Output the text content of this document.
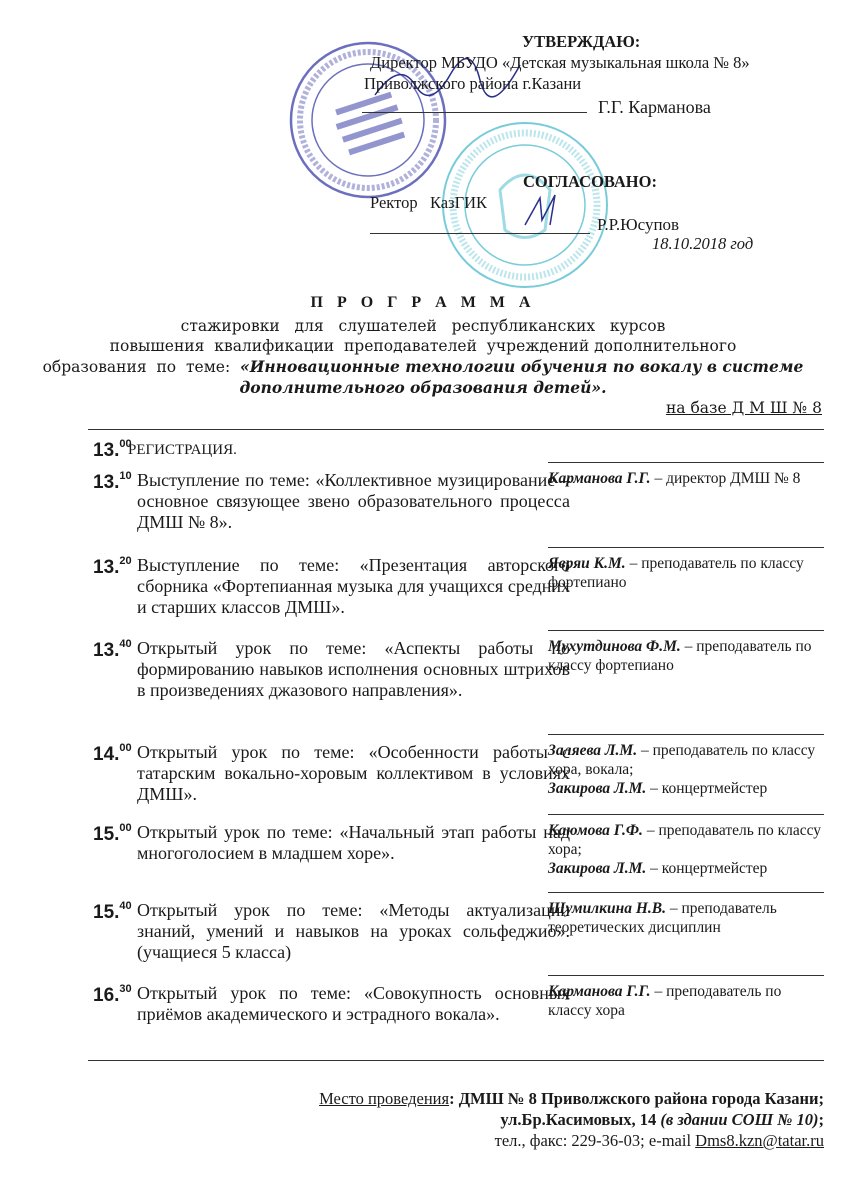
УТВЕРЖДАЮ:
Директор МБУДО «Детская музыкальная школа № 8»
Приволжского района г.Казани
Г.Г. Карманова
СОГЛАСОВАНО:
Ректор   КазГИК
Р.Р.Юсупов
18.10.2018 год
П Р О Г Р А М М А
стажировки   для   слушателей   республиканских   курсов
повышения  квалификации  преподавателей  учреждений дополнительного
образования  по  теме: «Инновационные технологии обучения по вокалу в системе
дополнительного образования детей».
на базе Д М Ш № 8
13.00
РЕГИСТРАЦИЯ.
13.10 Выступление по теме: «Коллективное музицирование – основное связующее звено образовательного процесса ДМШ № 8».
Карманова Г.Г. – директор ДМШ № 8
13.20 Выступление по теме: «Презентация авторского сборника «Фортепианная музыка для учащихся средних и старших классов ДМШ».
Явряи К.М. – преподаватель по классу фортепиано
13.40 Открытый урок по теме: «Аспекты работы по формированию навыков исполнения основных штрихов в произведениях джазового направления».
Мухутдинова Ф.М. – преподаватель по классу фортепиано
14.00 Открытый урок по теме: «Особенности работы с татарским вокально-хоровым коллективом в условиях ДМШ».
Заляева Л.М. – преподаватель по классу хора, вокала;
Закирова Л.М. – концертмейстер
15.00 Открытый урок по теме: «Начальный этап работы над многоголосием в младшем хоре».
Каюмова Г.Ф. – преподаватель по классу хора;
Закирова Л.М. – концертмейстер
15.40 Открытый урок по теме: «Методы актуализации знаний, умений и навыков на уроках сольфеджио». (учащиеся 5 класса)
Шумилкина Н.В. – преподаватель теоретических дисциплин
16.30 Открытый урок по теме: «Совокупность основных приёмов академического и эстрадного вокала».
Карманова Г.Г. – преподаватель по классу хора
Место проведения: ДМШ № 8 Приволжского района города Казани;
ул.Бр.Касимовых, 14 (в здании СОШ № 10);
тел., факс: 229-36-03; e-mail Dms8.kzn@tatar.ru
